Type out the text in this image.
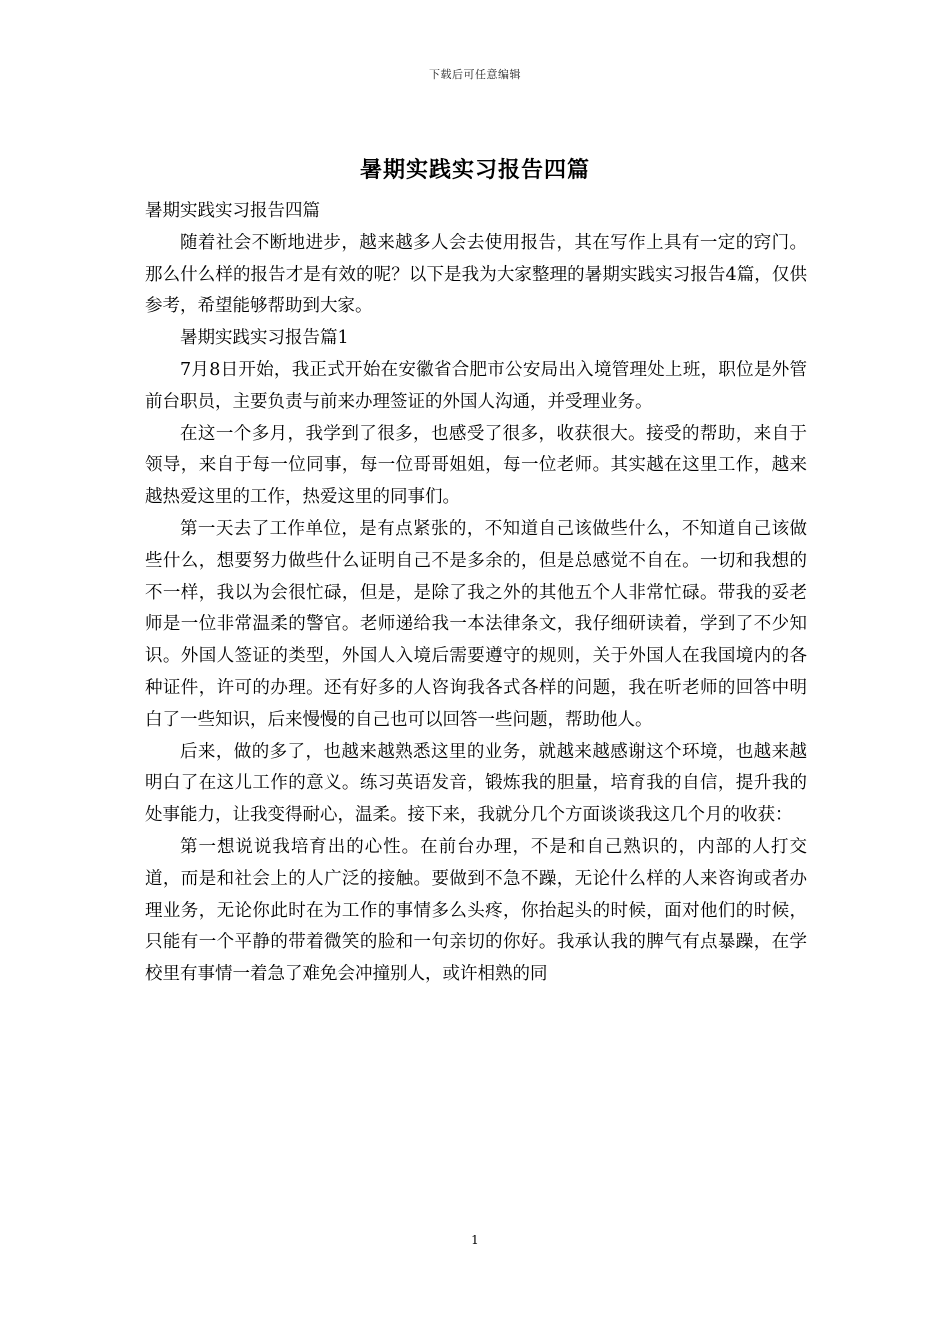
下载后可任意编辑
暑期实践实习报告四篇

暑期实践实习报告四篇

随着社会不断地进步，越来越多人会去使用报告，其在写作上具有一定的窍门。那么什么样的报告才是有效的呢？以下是我为大家整理的暑期实践实习报告4篇，仅供参考，希望能够帮助到大家。

暑期实践实习报告篇1

7月8日开始，我正式开始在安徽省合肥市公安局出入境管理处上班，职位是外管前台职员，主要负责与前来办理签证的外国人沟通，并受理业务。

在这一个多月，我学到了很多，也感受了很多，收获很大。接受的帮助，来自于领导，来自于每一位同事，每一位哥哥姐姐，每一位老师。其实越在这里工作，越来越热爱这里的工作，热爱这里的同事们。

第一天去了工作单位，是有点紧张的，不知道自己该做些什么，不知道自己该做些什么，想要努力做些什么证明自己不是多余的，但是总感觉不自在。一切和我想的不一样，我以为会很忙碌，但是，是除了我之外的其他五个人非常忙碌。带我的妥老师是一位非常温柔的警官。老师递给我一本法律条文，我仔细研读着，学到了不少知识。外国人签证的类型，外国人入境后需要遵守的规则，关于外国人在我国境内的各种证件，许可的办理。还有好多的人咨询我各式各样的问题，我在听老师的回答中明白了一些知识，后来慢慢的自己也可以回答一些问题，帮助他人。

后来，做的多了，也越来越熟悉这里的业务，就越来越感谢这个环境，也越来越明白了在这儿工作的意义。练习英语发音，锻炼我的胆量，培育我的自信，提升我的处事能力，让我变得耐心，温柔。接下来，我就分几个方面谈谈我这几个月的收获：

第一想说说我培育出的心性。在前台办理，不是和自己熟识的，内部的人打交道，而是和社会上的人广泛的接触。要做到不急不躁，无论什么样的人来咨询或者办理业务，无论你此时在为工作的事情多么头疼，你抬起头的时候，面对他们的时候，只能有一个平静的带着微笑的脸和一句亲切的你好。我承认我的脾气有点暴躁，在学校里有事情一着急了难免会冲撞别人，或许相熟的同

1
